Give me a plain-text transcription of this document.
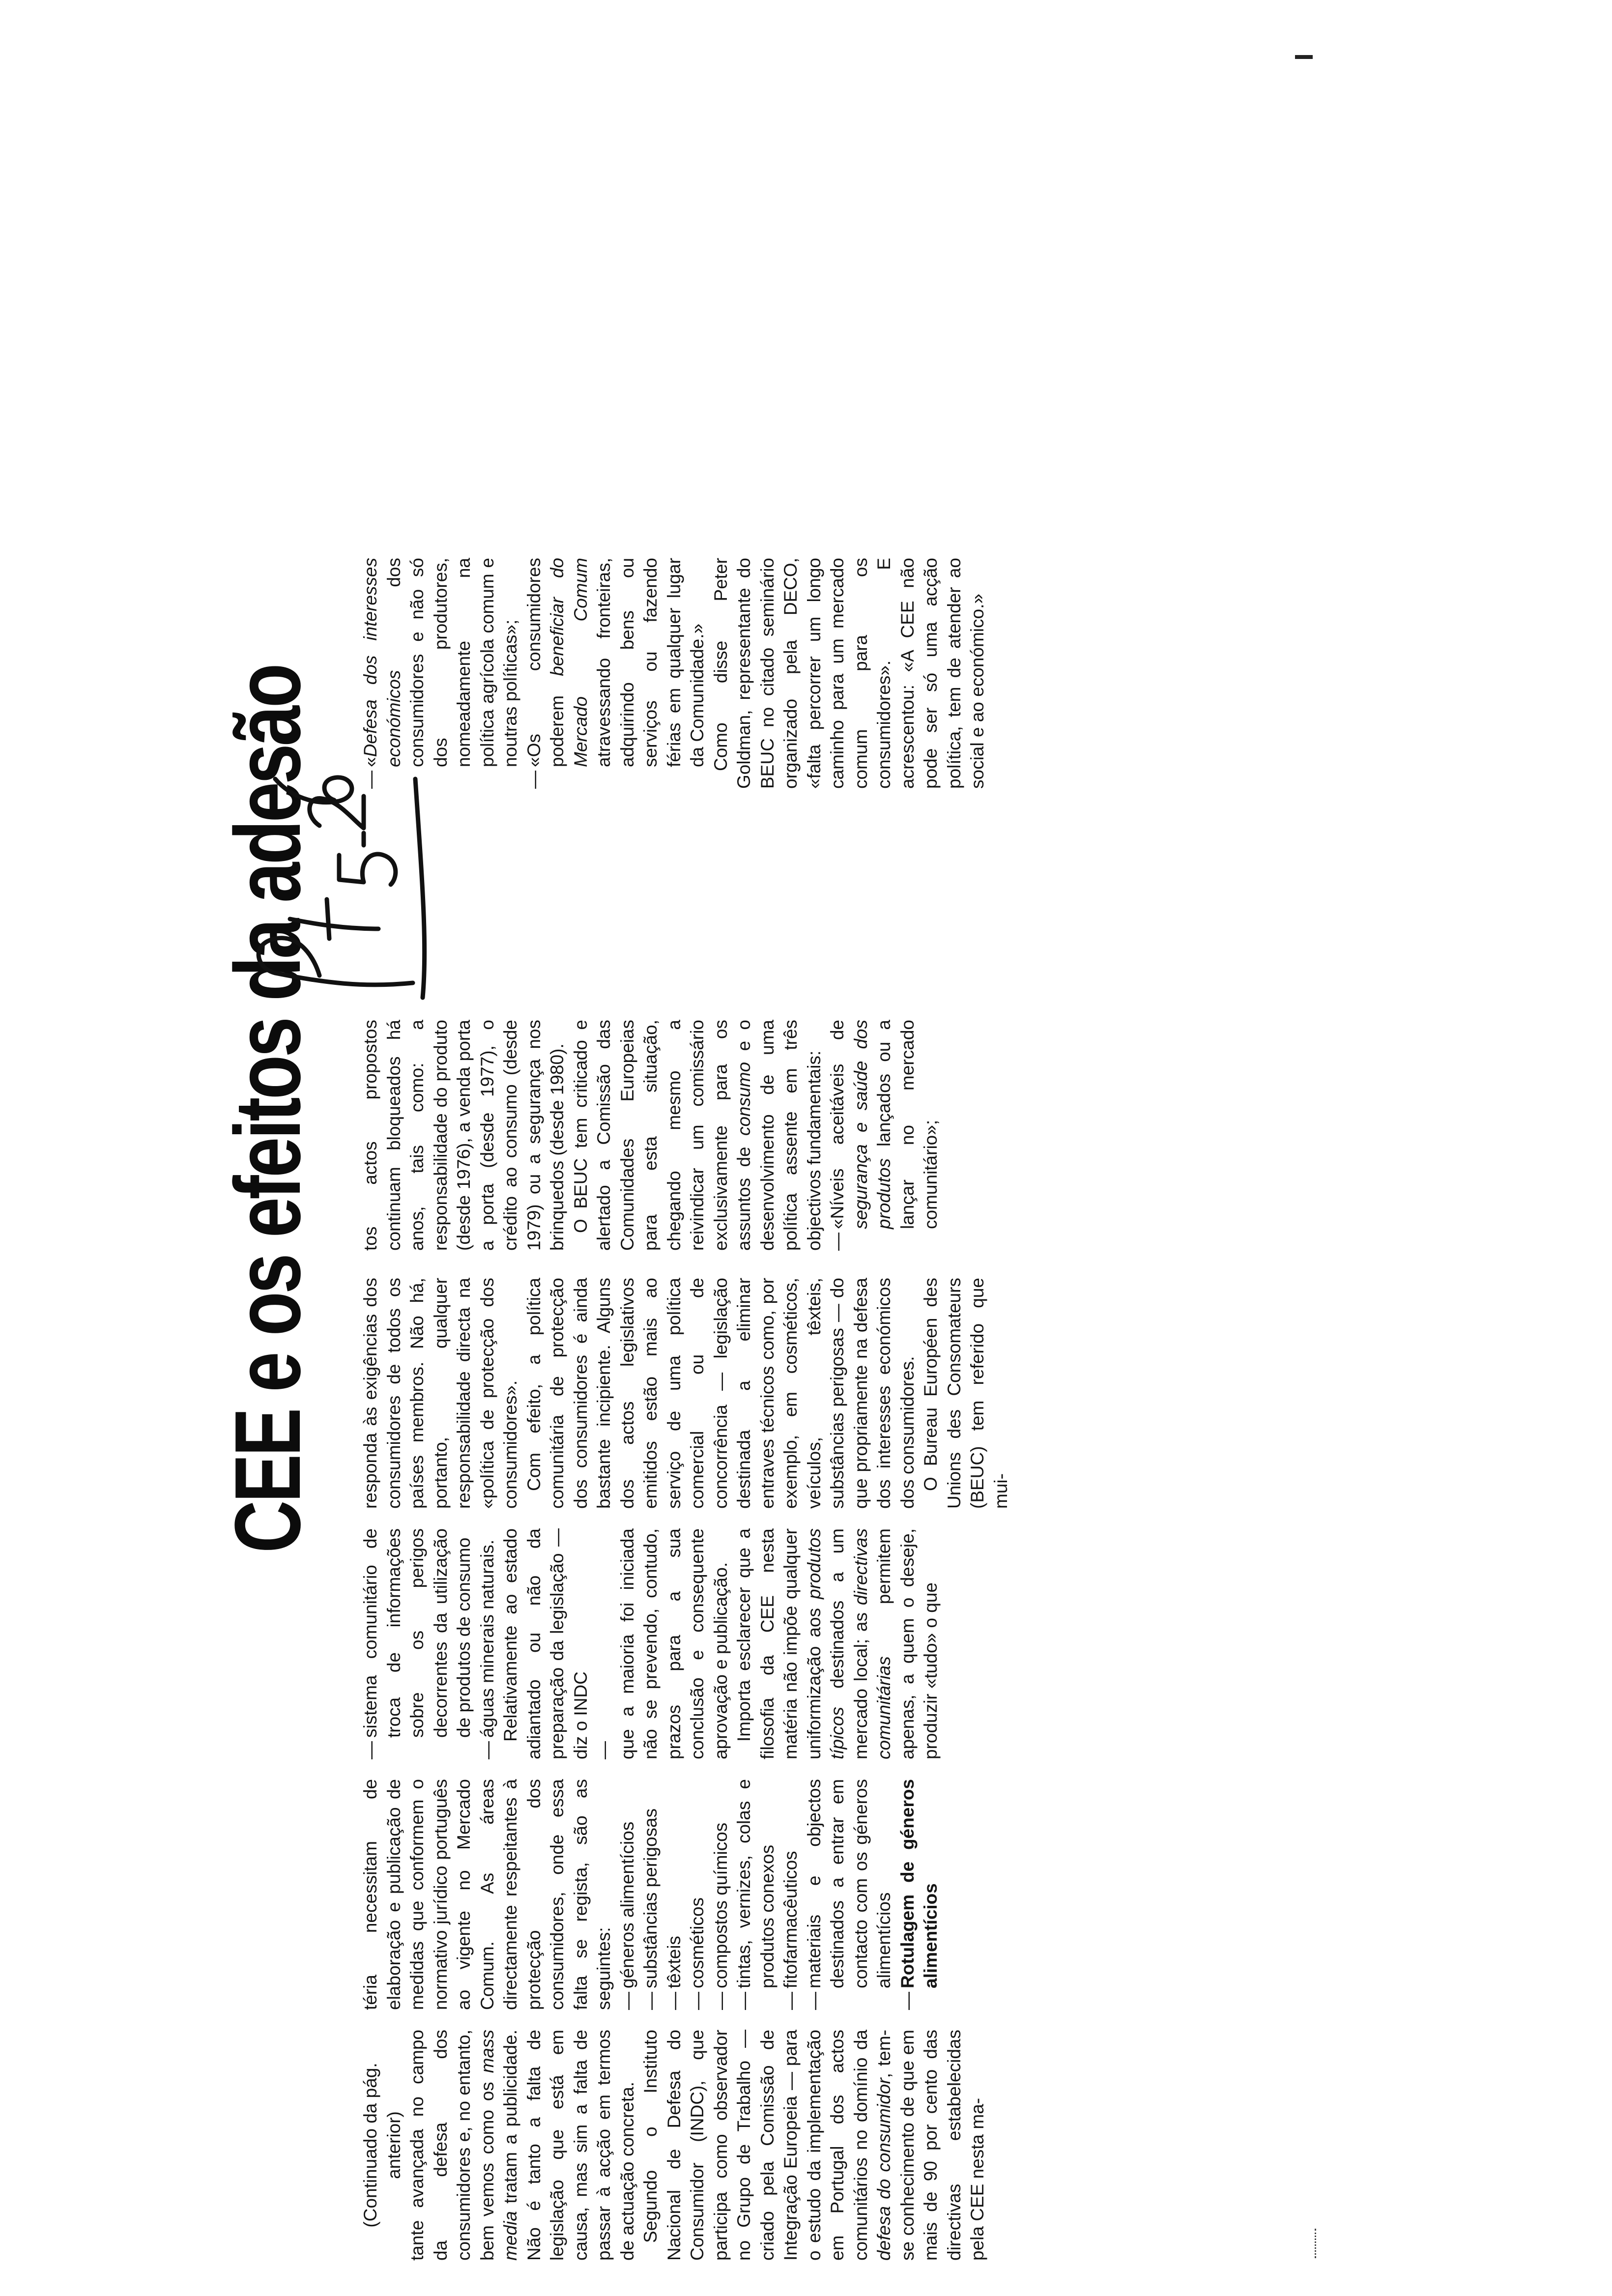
CEE e os efeitos da adesão

(Continuado da pág. anterior) tante avançada no campo da defesa dos consumidores e, no entanto, bem vemos como os mass media tratam a publicidade. Não é tanto a falta de legislação que está em causa, mas sim a falta de passar à acção em termos de actuação concreta. Segundo o Instituto Nacional de Defesa do Consumidor (INDC), que participa como observador no Grupo de Trabalho — criado pela Comissão de Integração Europeia — para o estudo da implementação em Portugal dos actos comunitários no domínio da defesa do consumidor, tem-se conhecimento de que em mais de 90 por cento das directivas estabelecidas pela CEE nesta ma-

téria necessitam de elaboração e publicação de medidas que conformem o normativo jurídico português ao vigente no Mercado Comum. As áreas directamente respeitantes à protecção dos consumidores, onde essa falta se regista, são as seguintes: —
géneros alimentícios
—
substâncias perigosas
—
têxteis
—
cosméticos
—
compostos químicos
—
tintas, vernizes, colas e produtos conexos
—
fitofarmacêuticos
—
materiais e objectos destinados a entrar em contacto com os géneros alimentícios
—
Rotulagem de géneros alimentícios
—
sistema comunitário de troca de informações sobre os perigos decorrentes da utilização de produtos de consumo
—
águas minerais naturais. Relativamente ao estado adiantado ou não da preparação da legislação — diz o INDC — que a maioria foi iniciada não se prevendo, contudo, prazos para a sua conclusão e consequente aprovação e publicação. Importa esclarecer que a filosofia da CEE nesta matéria não impõe qualquer uniformização aos produtos típicos destinados a um mercado local; as directivas comunitárias permitem apenas, a quem o deseje, produzir «tudo» o que

responda às exigências dos consumidores de todos os países membros. Não há, portanto, qualquer responsabilidade directa na «política de protecção dos consumidores». Com efeito, a política comunitária de protecção dos consumidores é ainda bastante incipiente. Alguns dos actos legislativos emitidos estão mais ao serviço de uma política comercial ou de concorrência — legislação destinada a eliminar entraves técnicos como, por exemplo, em cosméticos, veículos, têxteis, substâncias perigosas — do que propriamente na defesa dos interesses económicos dos consumidores. O Bureau Européen des Unions des Consomateurs (BEUC) tem referido que mui-

tos actos propostos continuam bloqueados há anos, tais como: a responsabilidade do produto (desde 1976), a venda porta a porta (desde 1977), o crédito ao consumo (desde 1979) ou a segurança nos brinquedos (desde 1980). O BEUC tem criticado e alertado a Comissão das Comunidades Europeias para esta situação, chegando mesmo a reivindicar um comissário exclusivamente para os assuntos de consumo e o desenvolvimento de uma política assente em três objectivos fundamentais: —
«Níveis aceitáveis de segurança e saúde dos produtos lançados ou a lançar no mercado comunitário»;
—
«Defesa dos interesses económicos dos consumidores e não só dos produtores, nomeadamente na política agrícola comum e noutras políticas»;
—
«Os consumidores poderem beneficiar do Mercado Comum atravessando fronteiras, adquirindo bens ou serviços ou fazendo férias em qualquer lugar da Comunidade.» Como disse Peter Goldman, representante do BEUC no citado seminário organizado pela DECO, «falta percorrer um longo caminho para um mercado comum para os consumidores». E acrescentou: «A CEE não pode ser só uma acção política, tem de atender ao social e ao económico.»
